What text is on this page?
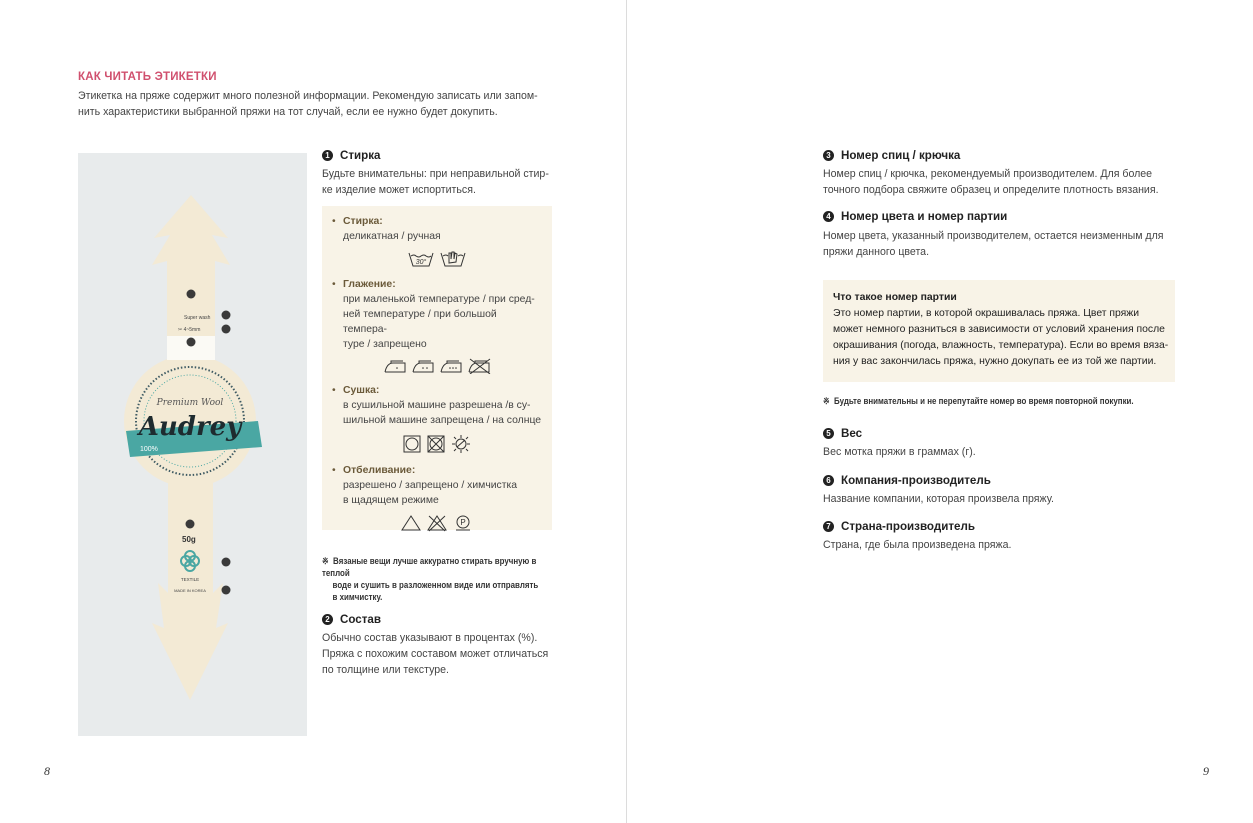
КАК ЧИТАТЬ ЭТИКЕТКИ
Этикетка на пряже содержит много полезной информации. Рекомендую записать или запом-
нить характеристики выбранной пряжи на тот случай, если ее нужно будет докупить.
Premium Wool
Audrey
100%
Super wash
✂ 4~5mm
50g
TEXTILE
MADE IN KOREA
1 Стирка
Будьте внимательны: при неправильной стир-
ке изделие может испортиться.
• Стирка:
деликатная / ручная
30°
• Глажение:
при маленькой температуре / при сред-
ней температуре / при большой темпера-
туре / запрещено
• Сушка:
в сушильной машине разрешена /в су-
шильной машине запрещена / на солнце
• Отбеливание:
разрешено / запрещено / химчистка
в щадящем режиме
P
※ Вязаные вещи лучше аккуратно стирать вручную в теплой
воде и сушить в разложенном виде или отправлять
в химчистку.
2 Состав
Обычно состав указывают в процентах (%).
Пряжа с похожим составом может отличаться
по толщине или текстуре.
8
3 Номер спиц / крючка
Номер спиц / крючка, рекомендуемый производителем. Для более
точного подбора свяжите образец и определите плотность вязания.
4 Номер цвета и номер партии
Номер цвета, указанный производителем, остается неизменным для
пряжи данного цвета.
Что такое номер партии
Это номер партии, в которой окрашивалась пряжа. Цвет пряжи
может немного разниться в зависимости от условий хранения после
окрашивания (погода, влажность, температура). Если во время вяза-
ния у вас закончилась пряжа, нужно докупать ее из той же партии.
※ Будьте внимательны и не перепутайте номер во время повторной покупки.
5 Вес
Вес мотка пряжи в граммах (г).
6 Компания-производитель
Название компании, которая произвела пряжу.
7 Страна-производитель
Страна, где была произведена пряжа.
9
